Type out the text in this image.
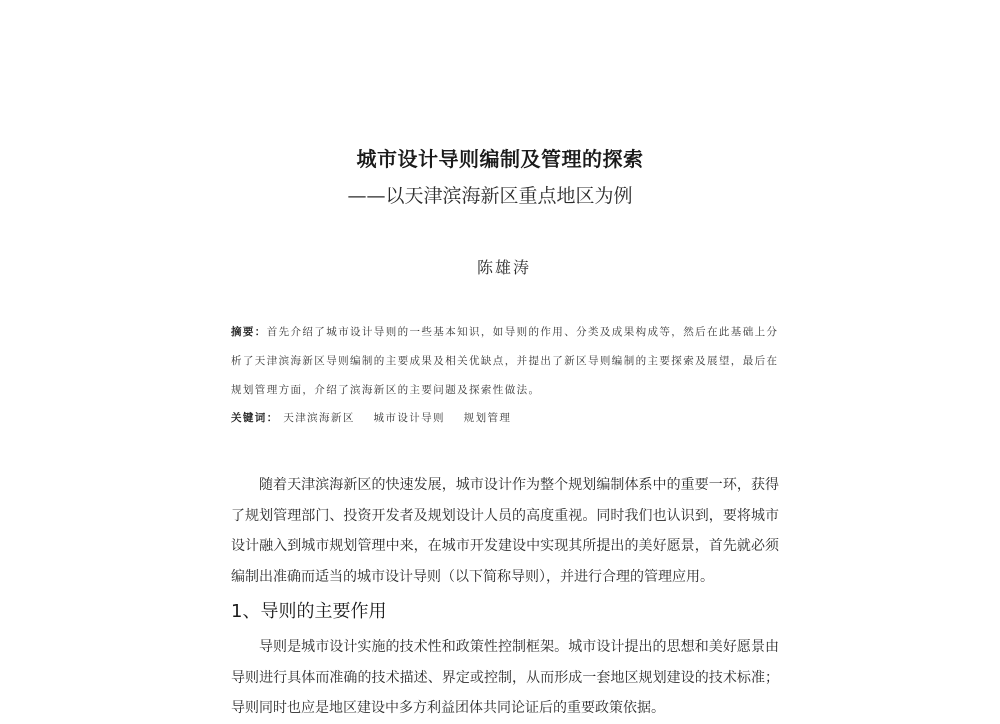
城市设计导则编制及管理的探索
——以天津滨海新区重点地区为例
陈雄涛
摘要：首先介绍了城市设计导则的一些基本知识，如导则的作用、分类及成果构成等，然后在此基础上分析了天津滨海新区导则编制的主要成果及相关优缺点，并提出了新区导则编制的主要探索及展望，最后在规划管理方面，介绍了滨海新区的主要问题及探索性做法。
关键词： 天津滨海新区 城市设计导则 规划管理
随着天津滨海新区的快速发展，城市设计作为整个规划编制体系中的重要一环，获得了规划管理部门、投资开发者及规划设计人员的高度重视。同时我们也认识到，要将城市设计融入到城市规划管理中来，在城市开发建设中实现其所提出的美好愿景，首先就必须编制出准确而适当的城市设计导则（以下简称导则），并进行合理的管理应用。
1、导则的主要作用
导则是城市设计实施的技术性和政策性控制框架。城市设计提出的思想和美好愿景由导则进行具体而准确的技术描述、界定或控制，从而形成一套地区规划建设的技术标准；导则同时也应是地区建设中多方利益团体共同论证后的重要政策依据。
